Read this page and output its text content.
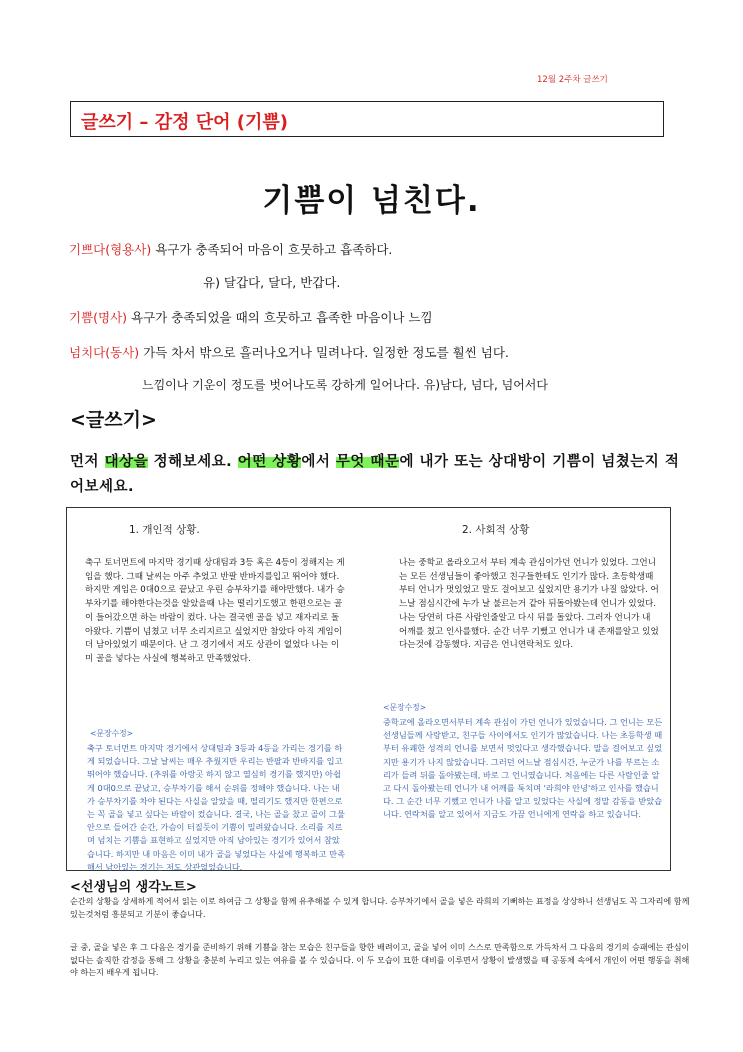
12월 2주차 글쓰기
글쓰기 – 감정 단어 (기쁨)
기쁨이 넘친다.
기쁘다(형용사) 욕구가 충족되어 마음이 흐뭇하고 흡족하다.
유) 달갑다, 달다, 반갑다.
기쁨(명사) 욕구가 충족되었을 때의 흐뭇하고 흡족한 마음이나 느낌
넘치다(동사) 가득 차서 밖으로 흘러나오거나 밀려나다. 일정한 정도를 훨씬 넘다.
느낌이나 기운이 정도를 벗어나도록 강하게 일어나다. 유)남다, 넘다, 넘어서다
<글쓰기>
먼저 대상을 정해보세요. 어떤 상황에서 무엇 때문에 내가 또는 상대방이 기쁨이 넘쳤는지 적어보세요.
1. 개인적 상황.
축구 토너먼트에 마지막 경기때 상대팀과 3등 혹은 4등이 정해지는 게임을 했다. 그때 날씨는 아주 추었고 반팔 반바지를입고 뛰어야 했다. 하지만 게임은 0대0으로 끝났고 우린 승부차기를 해야만했다. 내가 승부차기를 해야한다는것을 알았을때 나는 떨리기도했고 한편으로는 골이 들어갔으면 하는 바람이 컸다. 나는 결국엔 골을 넣고 재자리로 돌아왔다. 기쁨이 넘쳤고 너무 소리지르고 싶었지만 참았다 아직 게임이 더 남아있었기 때문이다. 난 그 경기에서 저도 상관이 없었다 나는 이미 골을 넣다는 사실에 행복하고 만족했었다.
<문장수정>
축구 토너먼트 마지막 경기에서 상대팀과 3등과 4등을 가리는 경기를 하게 되었습니다. 그날 날씨는 매우 추웠지만 우리는 반팔과 반바지를 입고 뛰어야 했습니다. (추위를 아랑곳 하지 않고 열심히 경기를 했지만) 아쉽게 0대0으로 끝났고, 승부차기를 해서 순위를 정해야 했습니다. 나는 내가 승부차기를 차야 된다는 사실을 알았을 때, 떨리기도 했지만 한편으로는 꼭 골을 넣고 싶다는 바람이 컸습니다. 결국, 나는 골을 찼고 골이 그물 안으로 들어간 순간, 가슴이 터질듯이 기쁨이 밀려왔습니다. 소리를 지르며 넘치는 기쁨을 표현하고 싶었지만 아직 남아있는 경기가 있어서 참았습니다. 하지만 내 마음은 이미 내가 골을 넣었다는 사실에 행복하고 만족해서 남아있는 경기는 저도 상관없었습니다.
2. 사회적 상황
나는 중학교 올라오고서 부터 계속 관심이가던 언니가 있었다. 그언니는 모든 선생님들이 좋아했고 친구들한테도 인기가 많다. 초등학생때부터 언니가 멋있었고 말도 걸어보고 싶었지만 용기가 나질 않았다. 어느날 점심시간에 누가 날 불르는거 같아 뒤돌아봤는데 언니가 있었다. 나는 당연히 다른 사람인줄알고 다시 뒤를 돌았다. 그러자 언니가 내 어깨를 쳤고 인사를했다. 순간 너무 기뻤고 언니가 내 존재를알고 있었다는것에 감동했다. 지금은 언니연락처도 있다.
<문장수정>
중학교에 올라오면서부터 계속 관심이 가던 언니가 있었습니다. 그 언니는 모든 선생님들께 사랑받고, 친구들 사이에서도 인기가 많았습니다. 나는 초등학생 때부터 유쾌한 성격의 언니를 보면서 멋있다고 생각했습니다. 말을 걸어보고 싶었지만 용기가 나지 않았습니다. 그러던 어느날 점심시간, 누군가 나를 부르는 소리가 들려 뒤를 돌아봤는데, 바로 그 언니였습니다. 처음에는 다른 사람인줄 알고 다시 돌아봤는데 언니가 내 어깨를 툭치며 '라희야 안녕'하고 인사를 했습니다. 그 순간 너무 기뻤고 언니가 나를 알고 있었다는 사실에 정말 감동을 받았습니다. 연락처를 알고 있어서 지금도 가끔 언니에게 연락을 하고 있습니다.
<선생님의 생각노트>
순간의 상황을 상세하게 적어서 읽는 이로 하여금 그 상황을 함께 유추해볼 수 있게 합니다. 승부차기에서 골을 넣은 라희의 기뻐하는 표정을 상상하니 선생님도 꼭 그자리에 함께 있는것처럼 흥분되고 기분이 좋습니다.
글 중, 골을 넣은 후 그 다음은 경기를 준비하기 위해 기쁨을 참는 모습은 친구들을 향한 배려이고, 골을 넣어 이미 스스로 만족함으로 가득차서 그 다음의 경기의 승패에는 관심이 없다는 솔직한 감정을 통해 그 상황을 충분히 누리고 있는 여유를 볼 수 있습니다. 이 두 모습이 묘한 대비를 이루면서 상황이 발생했을 때 공동체 속에서 개인이 어떤 행동을 취해야 하는지 배우게 됩니다.
